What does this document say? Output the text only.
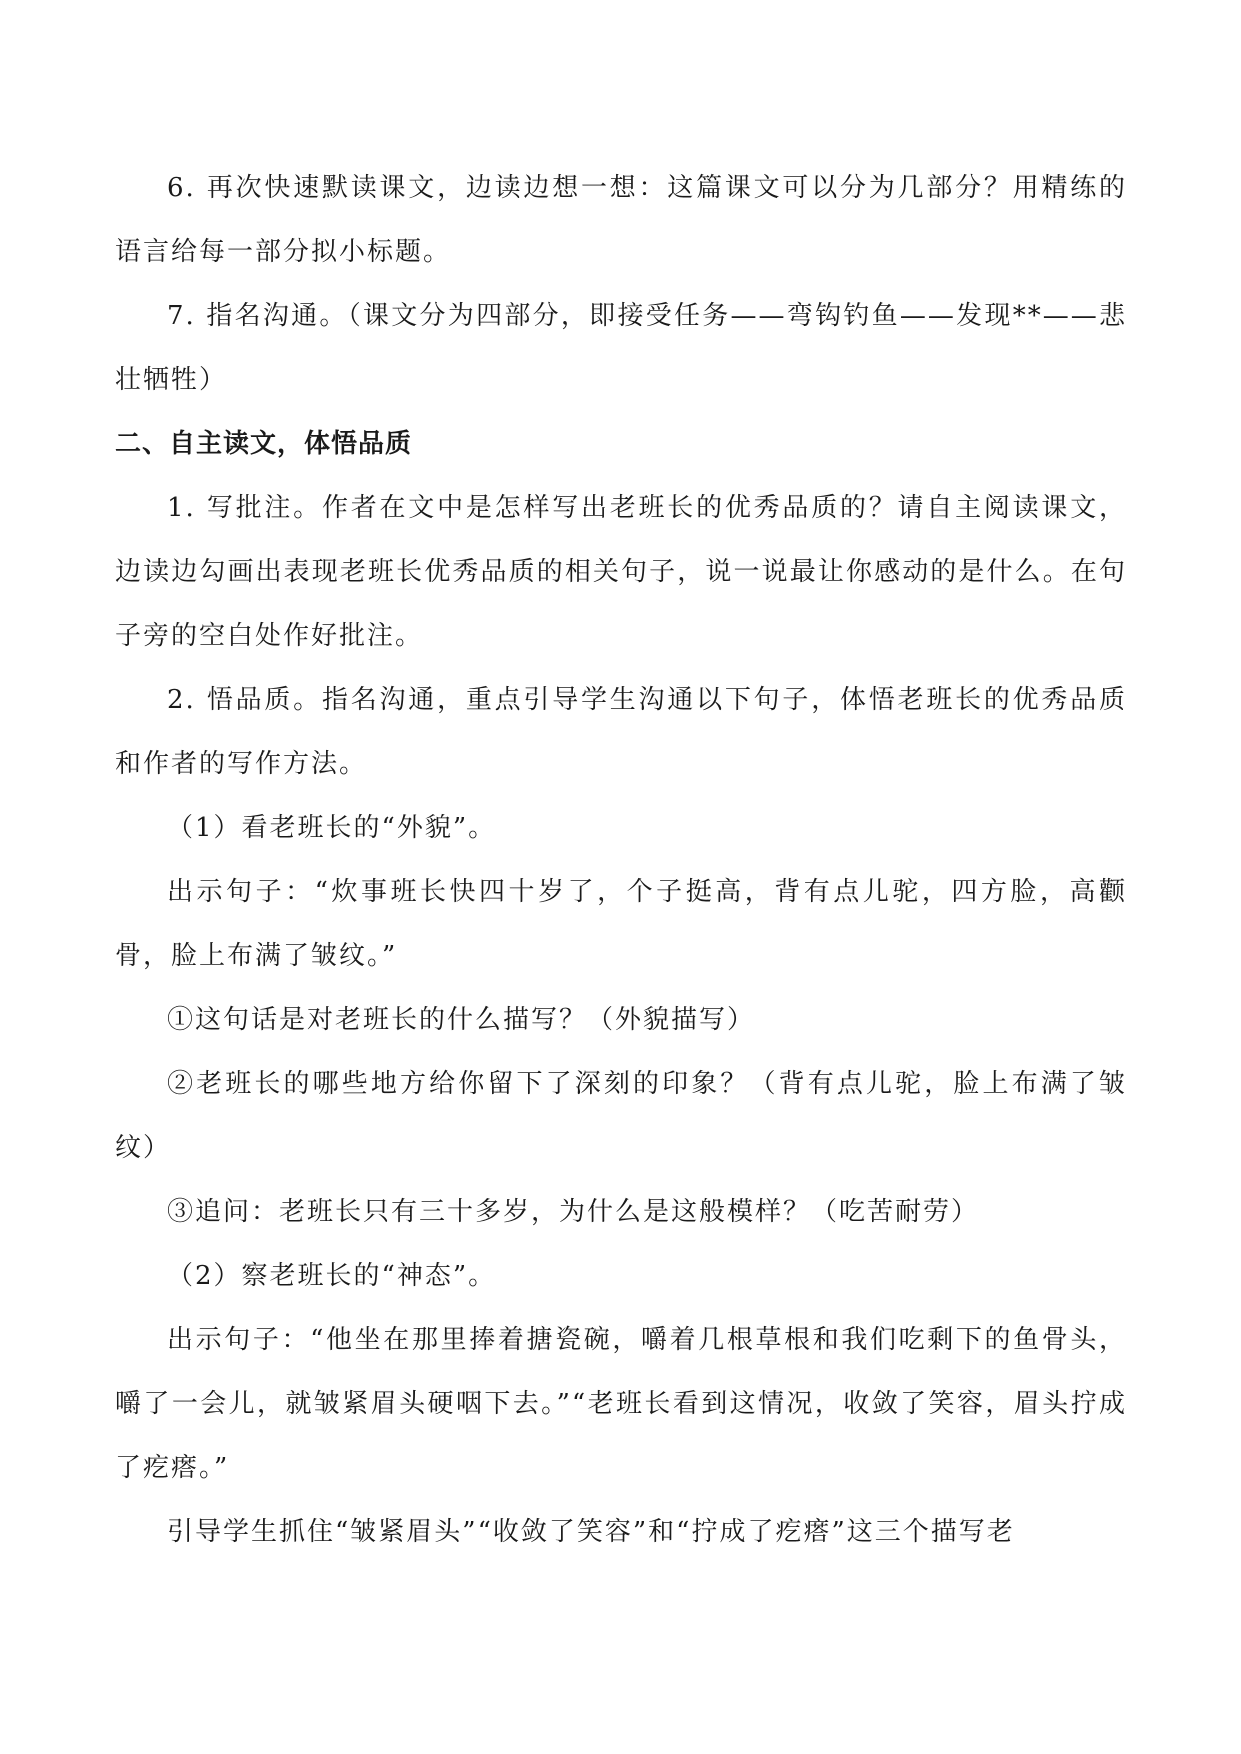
6. 再次快速默读课文，边读边想一想：这篇课文可以分为几部分？用精练的语言给每一部分拟小标题。

7. 指名沟通。（课文分为四部分，即接受任务——弯钩钓鱼——发现**——悲壮牺牲）

二、自主读文，体悟品质

1. 写批注。作者在文中是怎样写出老班长的优秀品质的？请自主阅读课文，边读边勾画出表现老班长优秀品质的相关句子，说一说最让你感动的是什么。在句子旁的空白处作好批注。

2. 悟品质。指名沟通，重点引导学生沟通以下句子，体悟老班长的优秀品质和作者的写作方法。

（1）看老班长的“外貌”。

出示句子：“炊事班长快四十岁了，个子挺高，背有点儿驼，四方脸，高颧骨，脸上布满了皱纹。”

①这句话是对老班长的什么描写？（外貌描写）

②老班长的哪些地方给你留下了深刻的印象？（背有点儿驼，脸上布满了皱纹）

③追问：老班长只有三十多岁，为什么是这般模样？（吃苦耐劳）

（2）察老班长的“神态”。

出示句子：“他坐在那里捧着搪瓷碗，嚼着几根草根和我们吃剩下的鱼骨头，嚼了一会儿，就皱紧眉头硬咽下去。”“老班长看到这情况，收敛了笑容，眉头拧成了疙瘩。”

引导学生抓住“皱紧眉头”“收敛了笑容”和“拧成了疙瘩”这三个描写老
